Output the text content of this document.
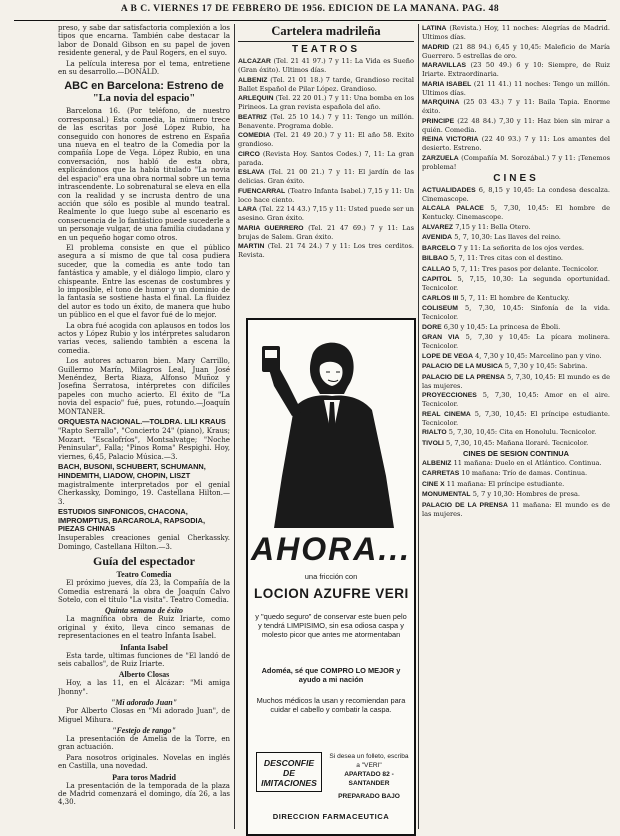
A B C. VIERNES 17 DE FEBRERO DE 1956. EDICION DE LA MAÑANA. PAG. 48

preso, y sabe dar satisfactoria complexión a los tipos que encarna. También cabe destacar la labor de Donald Gibson en su papel de joven residente general, y de Paul Rogers, en el suyo.

La película interesa por el tema, entretiene en su desarrollo.—DONALD.

ABC en Barcelona: Estreno de
"La novia del espacio"

Barcelona 16. (Por teléfono, de nuestro corresponsal.) Esta comedia, la número trece de las escritas por José López Rubio, ha conseguido con honores de estreno en España una nueva en el teatro de la Comedia por la compañía Lope de Vega. López Rubio, en una conversación, nos habló de esta obra, explicándonos que la había titulado "La novia del espacio" era una obra normal sobre un tema intrascendente. Lo sobrenatural se eleva en ella con la realidad y se incrusta dentro de una acción que sólo es posible al mundo teatral. Realmente lo que luego sube al escenario es consecuencia de lo fantástico puede sucederle a un personaje vulgar, de una familia ciudadana y en un pequeño hogar como otros.

El problema consiste en que el público asegura a sí mismo de que tal cosa pudiera suceder, que la comedia es ante todo tan fantástica y amable, y el diálogo limpio, claro y chispeante. Entre las escenas de costumbres y lo imposible, el tono de humor y un dominio de la fantasía se sostiene hasta el final. La fluidez del autor es todo un éxito, de manera que hubo un público en el que el favor fué de lo mejor.

La obra fué acogida con aplausos en todos los actos y López Rubio y los intérpretes saludaron varias veces, saliendo también a escena la comedia.

Los autores actuaron bien. Mary Carrillo, Guillermo Marín, Milagros Leal, Juan José Menéndez, Berta Riaza, Alfonso Muñoz y Josefina Serratosa, intérpretes con difíciles papeles con mucho acierto. El éxito de "La novia del espacio" fué, pues, rotundo.—Joaquín MONTANER.

ORQUESTA NACIONAL.—TOLDRA. LILI KRAUS

"Rapto Serrallo", "Concierto 24" (piano), Kraus; Mozart. "Escalofríos", Montsalvatge; "Noche Peninsular", Falla; "Pinos Roma" Respighi. Hoy, viernes, 6,45, Palacio Música.—3.

BACH, BUSONI, SCHUBERT, SCHUMANN, HINDEMITH, LIADOW, CHOPIN, LISZT

magistralmente interpretados por el genial Cherkassky, Domingo, 19. Castellana Hilton.—3.

ESTUDIOS SINFONICOS, CHACONA, IMPROMPTUS, BARCAROLA, RAPSODIA, PIEZAS CHINAS

Insuperables creaciones genial Cherkassky. Domingo, Castellana Hilton.—3.

Guía del espectador
Teatro Comedia

El próximo jueves, día 23, la Compañía de la Comedia estrenará la obra de Joaquín Calvo Sotelo, con el título "La visita". Teatro Comedia.

Quinta semana de éxito

La magnífica obra de Ruiz Iriarte, como original y éxito, lleva cinco semanas de representaciones en el teatro Infanta Isabel.

Infanta Isabel

Esta tarde, ultimas funciones de "El landó de seis caballos", de Ruiz Iriarte.

Alberto Closas

Hoy, a las 11, en el Alcázar: "Mi amiga Jhonny".

"Mi adorado Juan"

Por Alberto Closas en "Mi adorado Juan", de Miguel Mihura.

"Festejo de rango"

La presentación de Amelia de la Torre, en gran actuación.

Para nosotros originales. Novelas en inglés en Castilla, una novedad.

Para toros Madrid

La presentación de la temporada de la plaza de Madrid comenzará el domingo, día 26, a las 4,30.

Cartelera madrileña
TEATROS

ALCAZAR (Tel. 21 41 97.) 7 y 11: La Vida es Sueño (Gran éxito). Ultimos días.

ALBENIZ (Tel. 21 01 18.) 7 tarde, Grandioso recital Ballet Español de Pilar López. Grandioso.

ARLEQUIN (Tel. 22 20 01.) 7 y 11: Una bomba en los Pirineos. La gran revista española del año.

BEATRIZ (Tel. 25 10 14.) 7 y 11: Tengo un millón. Benavente. Programa doble.

COMEDIA (Tel. 21 49 20.) 7 y 11: El año 58. Exito grandioso.

CIRCO (Revista Hoy. Santos Codes.) 7, 11: La gran parada.

ESLAVA (Tel. 21 00 21.) 7 y 11: El jardín de las delicias. Gran éxito.

FUENCARRAL (Teatro Infanta Isabel.) 7,15 y 11: Un loco hace ciento.

LARA (Tel. 22 14 43.) 7,15 y 11: Usted puede ser un asesino. Gran éxito.

MARIA GUERRERO (Tel. 21 47 69.) 7 y 11: Las brujas de Salem. Gran éxito.

MARTIN (Tel. 21 74 24.) 7 y 11: Los tres cerditos. Revista.

AHORA...
una fricción con
LOCION AZUFRE VERI
y "quedo seguro" de conservar este buen pelo y tendrá LIMPISIMO, sin esa odiosa caspa y molesto picor que antes me atormentaban
Adoméa, sé que COMPRO LO MEJOR y ayudo a mi nación
Muchos médicos la usan y recomiendan para cuidar el cabello y combatir la caspa.
DESCONFIE DE IMITACIONES
Si desea un folleto, escriba a "VERI"
APARTADO 82 - SANTANDER
PREPARADO BAJO
DIRECCION FARMACEUTICA

LATINA (Revista.) Hoy, 11 noches: Alegrías de Madrid. Ultimos días.

MADRID (21 88 94.) 6,45 y 10,45: Maleficio de María Guerrero. 5 estrellas de oro.

MARAVILLAS (23 50 49.) 6 y 10: Siempre, de Ruiz Iriarte. Extraordinaria.

MARIA ISABEL (21 11 41.) 11 noches: Tengo un millón. Ultimos días.

MARQUINA (25 03 43.) 7 y 11: Baila Tapia. Enorme éxito.

PRINCIPE (22 48 84.) 7,30 y 11: Haz bien sin mirar a quién. Comedia.

REINA VICTORIA (22 40 93.) 7 y 11: Los amantes del desierto. Estreno.

ZARZUELA (Compañía M. Sorozábal.) 7 y 11: ¡Tenemos problema!

CINES

ACTUALIDADES 6, 8,15 y 10,45: La condesa descalza. Cinemascope.

ALCALA PALACE 5, 7,30, 10,45: El hombre de Kentucky. Cinemascope.

ALVAREZ 7,15 y 11: Bella Otero.

AVENIDA 5, 7, 10,30: Las llaves del reino.

BARCELO 7 y 11: La señorita de los ojos verdes.

BILBAO 5, 7, 11: Tres citas con el destino.

CALLAO 5, 7, 11: Tres pasos por delante. Tecnicolor.

CAPITOL 5, 7,15, 10,30: La segunda oportunidad. Tecnicolor.

CARLOS III 5, 7, 11: El hombre de Kentucky.

COLISEUM 5, 7,30, 10,45: Sinfonía de la vida. Tecnicolor.

DORE 6,30 y 10,45: La princesa de Éboli.

GRAN VIA 5, 7,30 y 10,45: La pícara molinera. Tecnicolor.

LOPE DE VEGA 4, 7,30 y 10,45: Marcelino pan y vino.

PALACIO DE LA MUSICA 5, 7,30 y 10,45: Sabrina.

PALACIO DE LA PRENSA 5, 7,30, 10,45: El mundo es de las mujeres.

PROYECCIONES 5, 7,30, 10,45: Amor en el aire. Tecnicolor.

REAL CINEMA 5, 7,30, 10,45: El príncipe estudiante. Tecnicolor.

RIALTO 5, 7,30, 10,45: Cita en Honolulu. Tecnicolor.

TIVOLI 5, 7,30, 10,45: Mañana lloraré. Tecnicolor.

CINES DE SESION CONTINUA

ALBENIZ 11 mañana: Duelo en el Atlántico. Continua.

CARRETAS 10 mañana: Trío de damas. Continua.

CINE X 11 mañana: El príncipe estudiante.

MONUMENTAL 5, 7 y 10,30: Hombres de presa.

PALACIO DE LA PRENSA 11 mañana: El mundo es de las mujeres.
